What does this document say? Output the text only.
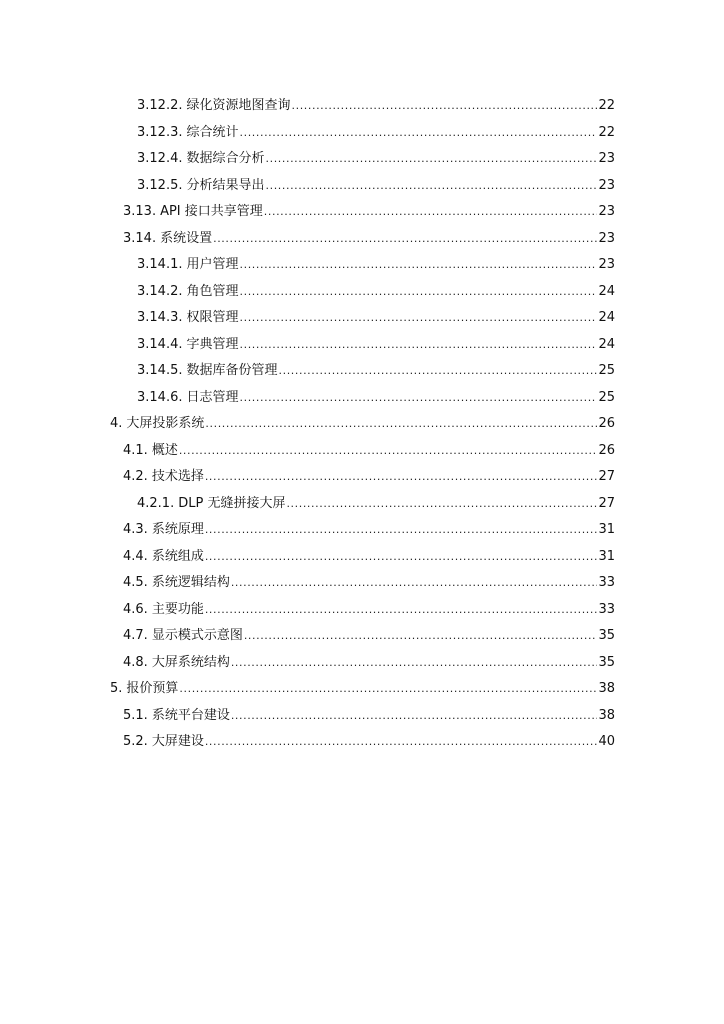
3.12.2. 绿化资源地图查询 .....	22
3.12.3. 综合统计 .....	22
3.12.4. 数据综合分析 .....	23
3.12.5. 分析结果导出 .....	23
3.13. API 接口共享管理 .....	23
3.14. 系统设置 .....	23
3.14.1. 用户管理 .....	23
3.14.2. 角色管理 .....	24
3.14.3. 权限管理 .....	24
3.14.4. 字典管理 .....	24
3.14.5. 数据库备份管理 .....	25
3.14.6. 日志管理 .....	25
4. 大屏投影系统 .....	26
4.1. 概述 .....	26
4.2. 技术选择 .....	27
4.2.1. DLP 无缝拼接大屏 .....	27
4.3. 系统原理 .....	31
4.4. 系统组成 .....	31
4.5. 系统逻辑结构 .....	33
4.6. 主要功能 .....	33
4.7. 显示模式示意图 .....	35
4.8. 大屏系统结构 .....	35
5. 报价预算 .....	38
5.1. 系统平台建设 .....	38
5.2. 大屏建设 .....	40
